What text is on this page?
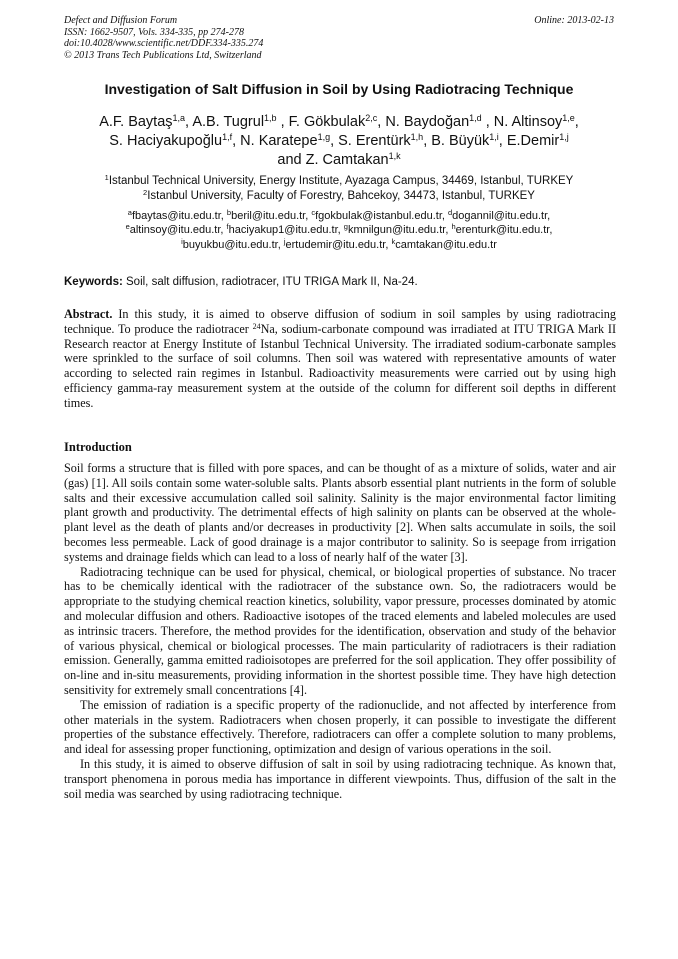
Defect and Diffusion Forum
ISSN: 1662-9507, Vols. 334-335, pp 274-278
doi:10.4028/www.scientific.net/DDF.334-335.274
© 2013 Trans Tech Publications Ltd, Switzerland
Online: 2013-02-13
Investigation of Salt Diffusion in Soil by Using Radiotracing Technique
A.F. Baytaş$^{1,a}$, A.B. Tugrul$^{1,b}$ , F. Gökbulak$^{2,c}$, N. Baydoğan$^{1,d}$ , N. Altinsoy$^{1,e}$,
S. Haciyakupoğlu$^{1,f}$, N. Karatepe$^{1,g}$, S. Erentürk$^{1,h}$, B. Büyük$^{1,i}$, E.Demir$^{1,j}$
and Z. Camtakan$^{1,k}$
$^1$Istanbul Technical University, Energy Institute, Ayazaga Campus, 34469, Istanbul, TURKEY
$^2$Istanbul University, Faculty of Forestry, Bahcekoy, 34473, Istanbul, TURKEY
$^a$fbaytas@itu.edu.tr, $^b$beril@itu.edu.tr, $^c$fgokbulak@istanbul.edu.tr, $^d$dogannil@itu.edu.tr,
$^e$altinsoy@itu.edu.tr, $^f$haciyakup1@itu.edu.tr, $^g$kmnilgun@itu.edu.tr, $^h$erenturk@itu.edu.tr,
$^i$buyukbu@itu.edu.tr, $^j$ertudemir@itu.edu.tr, $^k$camtakan@itu.edu.tr
Keywords: Soil, salt diffusion, radiotracer, ITU TRIGA Mark II, Na-24.
Abstract. In this study, it is aimed to observe diffusion of sodium in soil samples by using radiotracing technique. To produce the radiotracer $^{24}$Na, sodium-carbonate compound was irradiated at ITU TRIGA Mark II Research reactor at Energy Institute of Istanbul Technical University. The irradiated sodium-carbonate samples were sprinkled to the surface of soil columns. Then soil was watered with representative amounts of water according to selected rain regimes in Istanbul. Radioactivity measurements were carried out by using high efficiency gamma-ray measurement system at the outside of the column for different soil depths in different times.
Introduction

Soil forms a structure that is filled with pore spaces, and can be thought of as a mixture of solids, water and air (gas) [1]. All soils contain some water-soluble salts. Plants absorb essential plant nutrients in the form of soluble salts and their excessive accumulation called soil salinity. Salinity is the major environmental factor limiting plant growth and productivity. The detrimental effects of high salinity on plants can be observed at the whole-plant level as the death of plants and/or decreases in productivity [2]. When salts accumulate in soils, the soil becomes less permeable. Lack of good drainage is a major contributor to salinity. So is seepage from irrigation systems and drainage fields which can lead to a loss of nearly half of the water [3].

Radiotracing technique can be used for physical, chemical, or biological properties of substance. No tracer has to be chemically identical with the radiotracer of the substance own. So, the radiotracers would be appropriate to the studying chemical reaction kinetics, solubility, vapor pressure, processes dominated by atomic and molecular diffusion and others. Radioactive isotopes of the traced elements and labeled molecules are used as intrinsic tracers. Therefore, the method provides for the identification, observation and study of the behavior of various physical, chemical or biological processes. The main particularity of radiotracers is their radiation emission. Generally, gamma emitted radioisotopes are preferred for the soil application. They offer possibility of on-line and in-situ measurements, providing information in the shortest possible time. They have high detection sensitivity for extremely small concentrations [4].

The emission of radiation is a specific property of the radionuclide, and not affected by interference from other materials in the system. Radiotracers when chosen properly, it can possible to investigate the different properties of the substance effectively. Therefore, radiotracers can offer a complete solution to many problems, and ideal for assessing proper functioning, optimization and design of various operations in the soil.

In this study, it is aimed to observe diffusion of salt in soil by using radiotracing technique. As known that, transport phenomena in porous media has importance in different viewpoints. Thus, diffusion of the salt in the soil media was searched by using radiotracing technique.
